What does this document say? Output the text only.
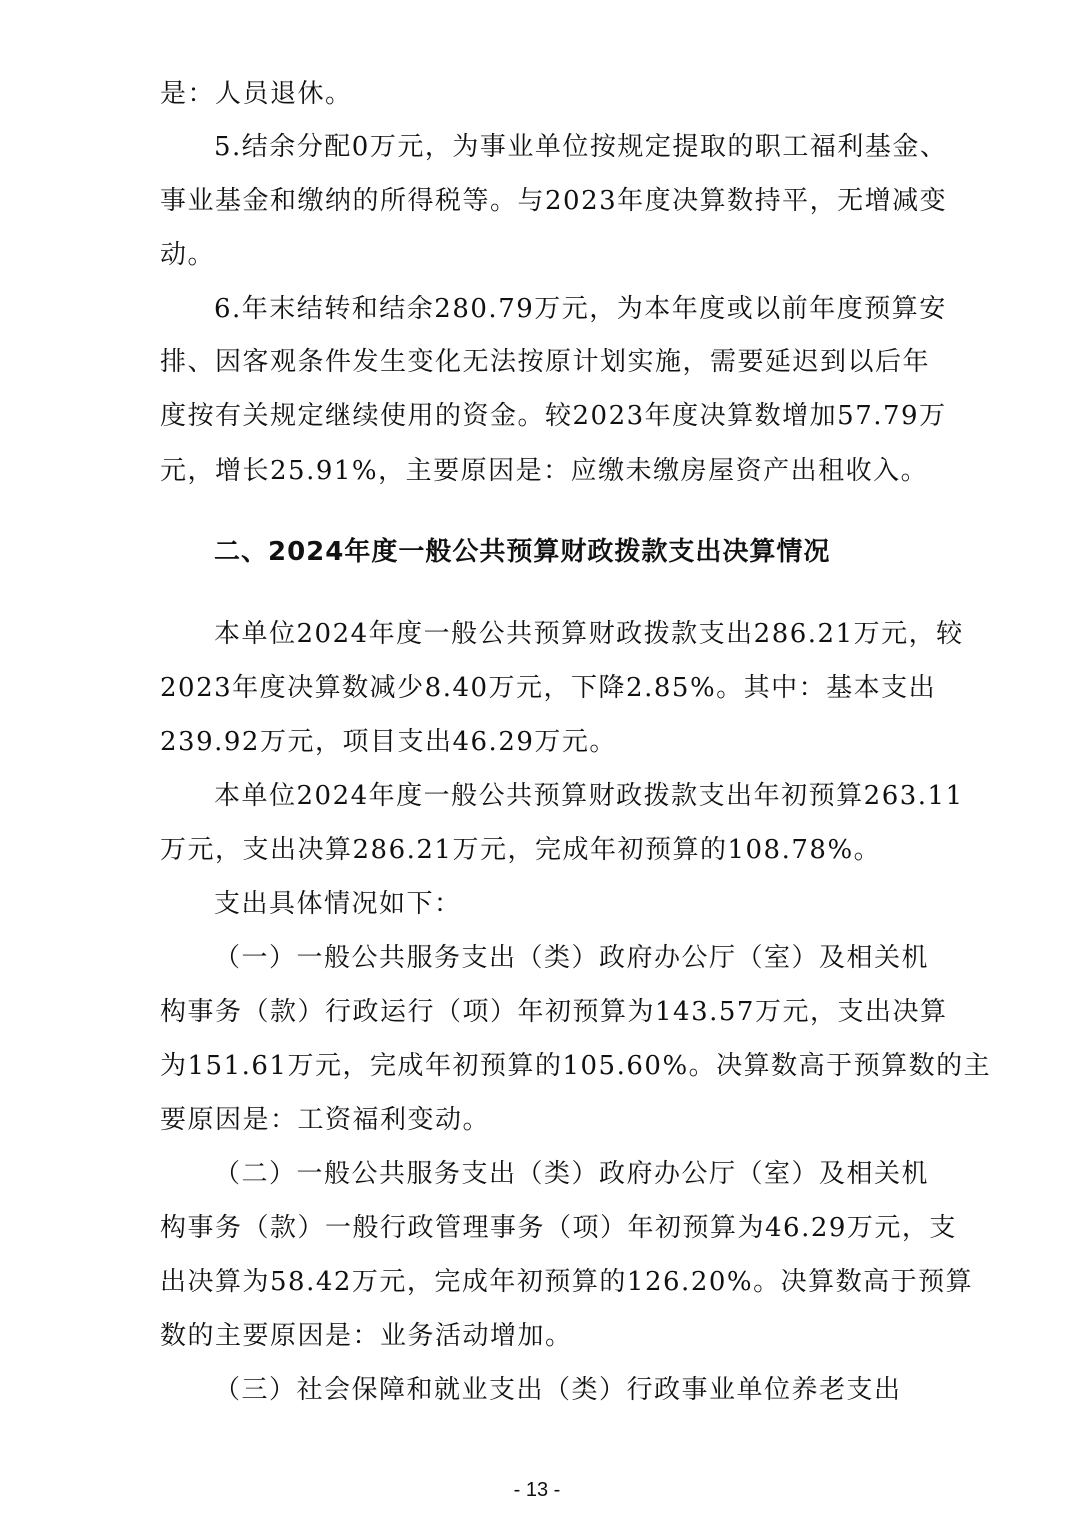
是：人员退休。
5.结余分配0万元，为事业单位按规定提取的职工福利基金、
事业基金和缴纳的所得税等。与2023年度决算数持平，无增减变
动。
6.年末结转和结余280.79万元，为本年度或以前年度预算安
排、因客观条件发生变化无法按原计划实施，需要延迟到以后年
度按有关规定继续使用的资金。较2023年度决算数增加57.79万
元，增长25.91%，主要原因是：应缴未缴房屋资产出租收入。
二、2024年度一般公共预算财政拨款支出决算情况
本单位2024年度一般公共预算财政拨款支出286.21万元，较
2023年度决算数减少8.40万元，下降2.85%。其中：基本支出
239.92万元，项目支出46.29万元。
本单位2024年度一般公共预算财政拨款支出年初预算263.11
万元，支出决算286.21万元，完成年初预算的108.78%。
支出具体情况如下：
（一）一般公共服务支出（类）政府办公厅（室）及相关机
构事务（款）行政运行（项）年初预算为143.57万元，支出决算
为151.61万元，完成年初预算的105.60%。决算数高于预算数的主
要原因是：工资福利变动。
（二）一般公共服务支出（类）政府办公厅（室）及相关机
构事务（款）一般行政管理事务（项）年初预算为46.29万元，支
出决算为58.42万元，完成年初预算的126.20%。决算数高于预算
数的主要原因是：业务活动增加。
（三）社会保障和就业支出（类）行政事业单位养老支出
- 13 -
